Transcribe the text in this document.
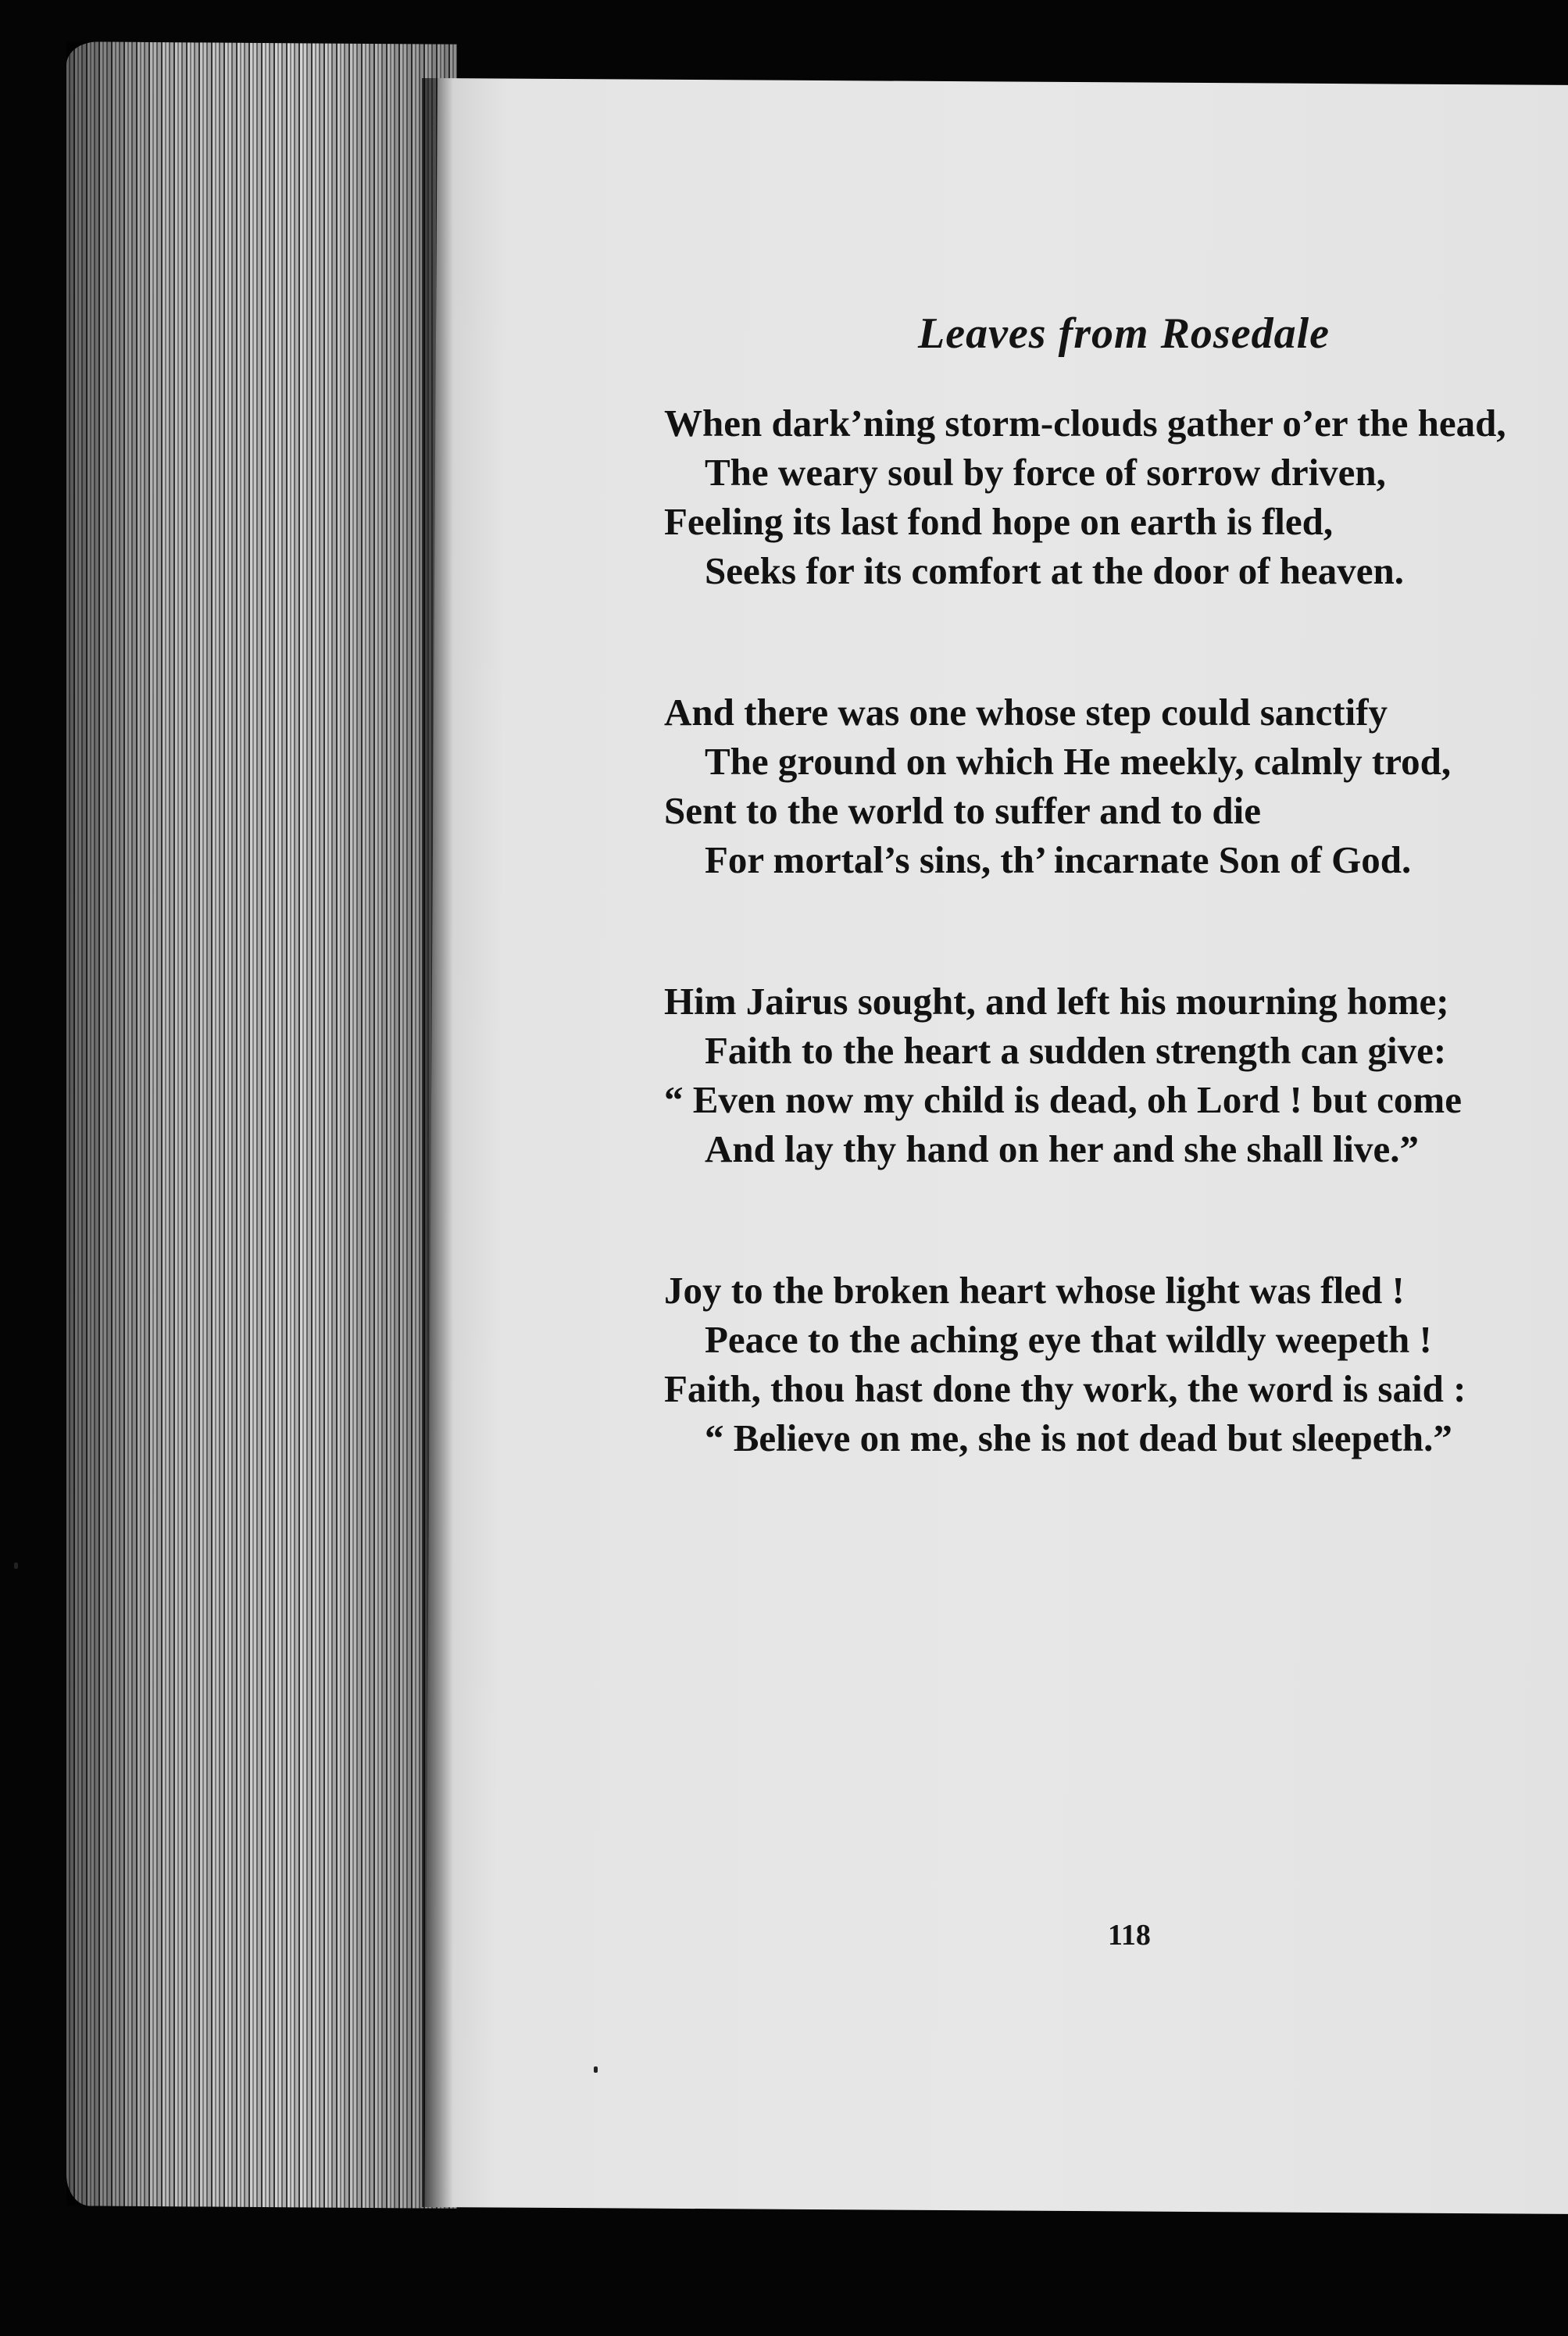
Leaves from Rosedale
When dark’ning storm-clouds gather o’er the head,
The weary soul by force of sorrow driven,
Feeling its last fond hope on earth is fled,
Seeks for its comfort at the door of heaven.
And there was one whose step could sanctify
The ground on which He meekly, calmly trod,
Sent to the world to suffer and to die
For mortal’s sins, th’ incarnate Son of God.
Him Jairus sought, and left his mourning home;
Faith to the heart a sudden strength can give:
“ Even now my child is dead, oh Lord ! but come
And lay thy hand on her and she shall live.”
Joy to the broken heart whose light was fled !
Peace to the aching eye that wildly weepeth !
Faith, thou hast done thy work, the word is said :
“ Believe on me, she is not dead but sleepeth.”
118
